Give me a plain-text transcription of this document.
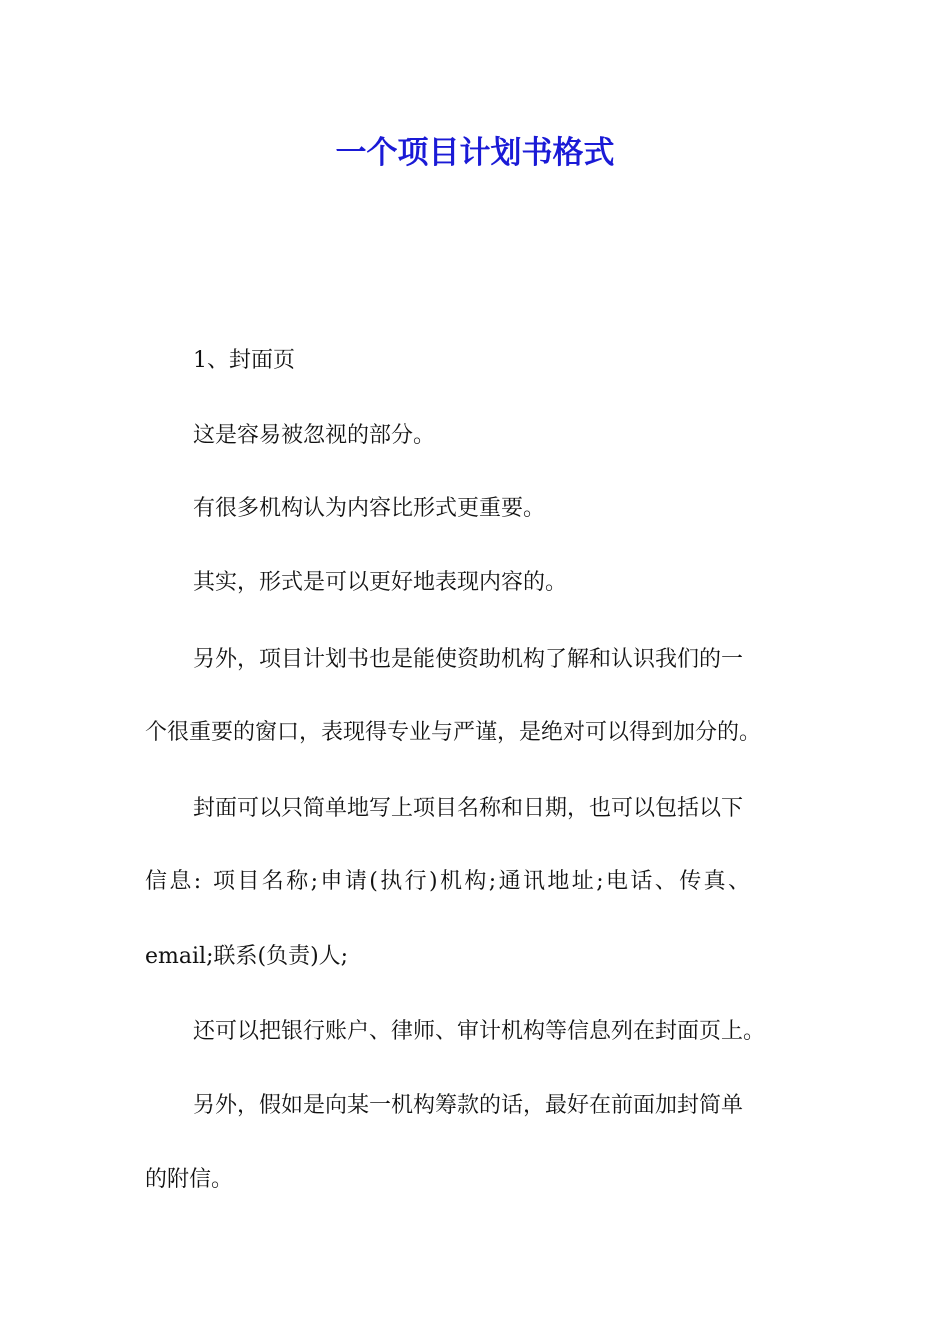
一个项目计划书格式

1、封面页

这是容易被忽视的部分。

有很多机构认为内容比形式更重要。

其实，形式是可以更好地表现内容的。

另外，项目计划书也是能使资助机构了解和认识我们的一

个很重要的窗口，表现得专业与严谨，是绝对可以得到加分的。

封面可以只简单地写上项目名称和日期，也可以包括以下

信息: 项目名称;申请(执行)机构;通讯地址;电话、传真、

email;联系(负责)人;

还可以把银行账户、律师、审计机构等信息列在封面页上。

另外，假如是向某一机构筹款的话，最好在前面加封简单

的附信。
